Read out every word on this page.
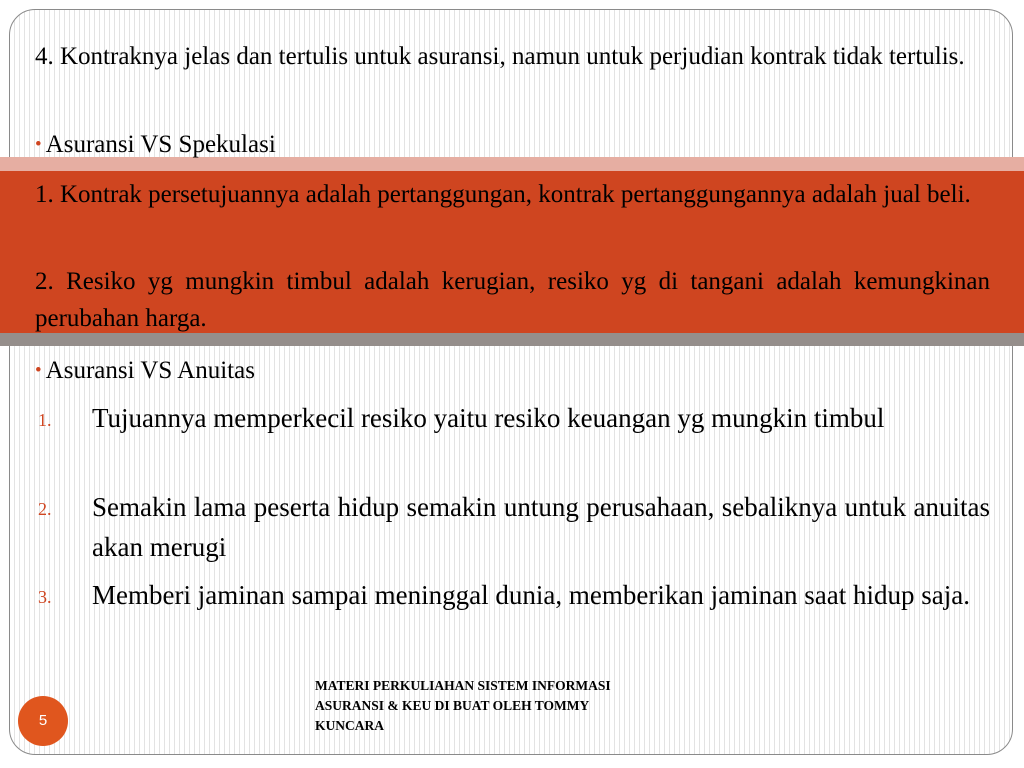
4. Kontraknya jelas dan tertulis untuk asuransi, namun untuk perjudian kontrak tidak tertulis.

• Asuransi VS Spekulasi

1. Kontrak persetujuannya adalah pertanggungan, kontrak pertanggungannya adalah jual beli.

2. Resiko yg mungkin timbul adalah kerugian, resiko yg di tangani adalah kemungkinan perubahan harga.

• Asuransi VS Anuitas

1. Tujuannya memperkecil resiko yaitu resiko keuangan yg mungkin timbul

2. Semakin lama peserta hidup semakin untung perusahaan, sebaliknya untuk anuitas akan merugi

3. Memberi jaminan sampai meninggal dunia, memberikan jaminan saat hidup saja.

MATERI PERKULIAHAN SISTEM INFORMASI
ASURANSI & KEU DI BUAT OLEH TOMMY
KUNCARA
5
